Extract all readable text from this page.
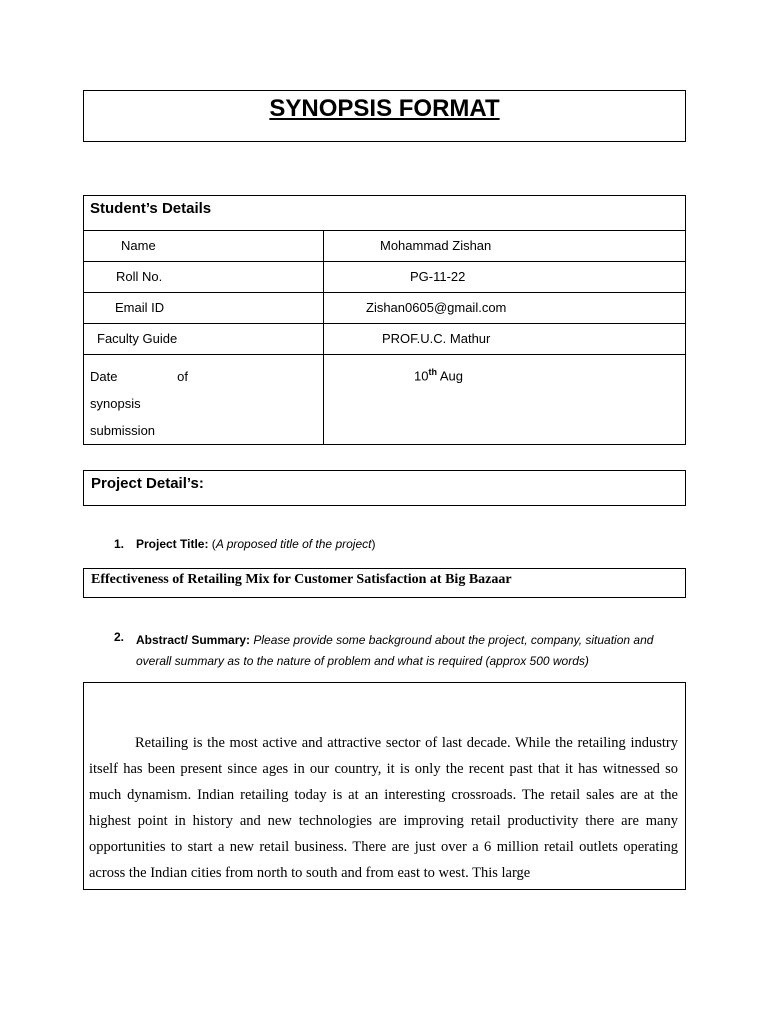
SYNOPSIS FORMAT
Student’s Details	
Name	Mohammad Zishan
Roll No.	PG-11-22
Email ID	Zishan0605@gmail.com
Faculty Guide	PROF.U.C. Mathur

Date of
synopsis
submission	10th Aug
Project Detail’s:
1. Project Title: (A proposed title of the project)
Effectiveness of Retailing Mix for Customer Satisfaction at Big Bazaar
2. Abstract/ Summary: Please provide some background about the project, company, situation and overall summary as to the nature of problem and what is required (approx 500 words)

Retailing is the most active and attractive sector of last decade. While the retailing industry itself has been present since ages in our country, it is only the recent past that it has witnessed so much dynamism. Indian retailing today is at an interesting crossroads. The retail sales are at the highest point in history and new technologies are improving retail productivity there are many opportunities to start a new retail business. There are just over a 6 million retail outlets operating across the Indian cities from north to south and from east to west. This large
